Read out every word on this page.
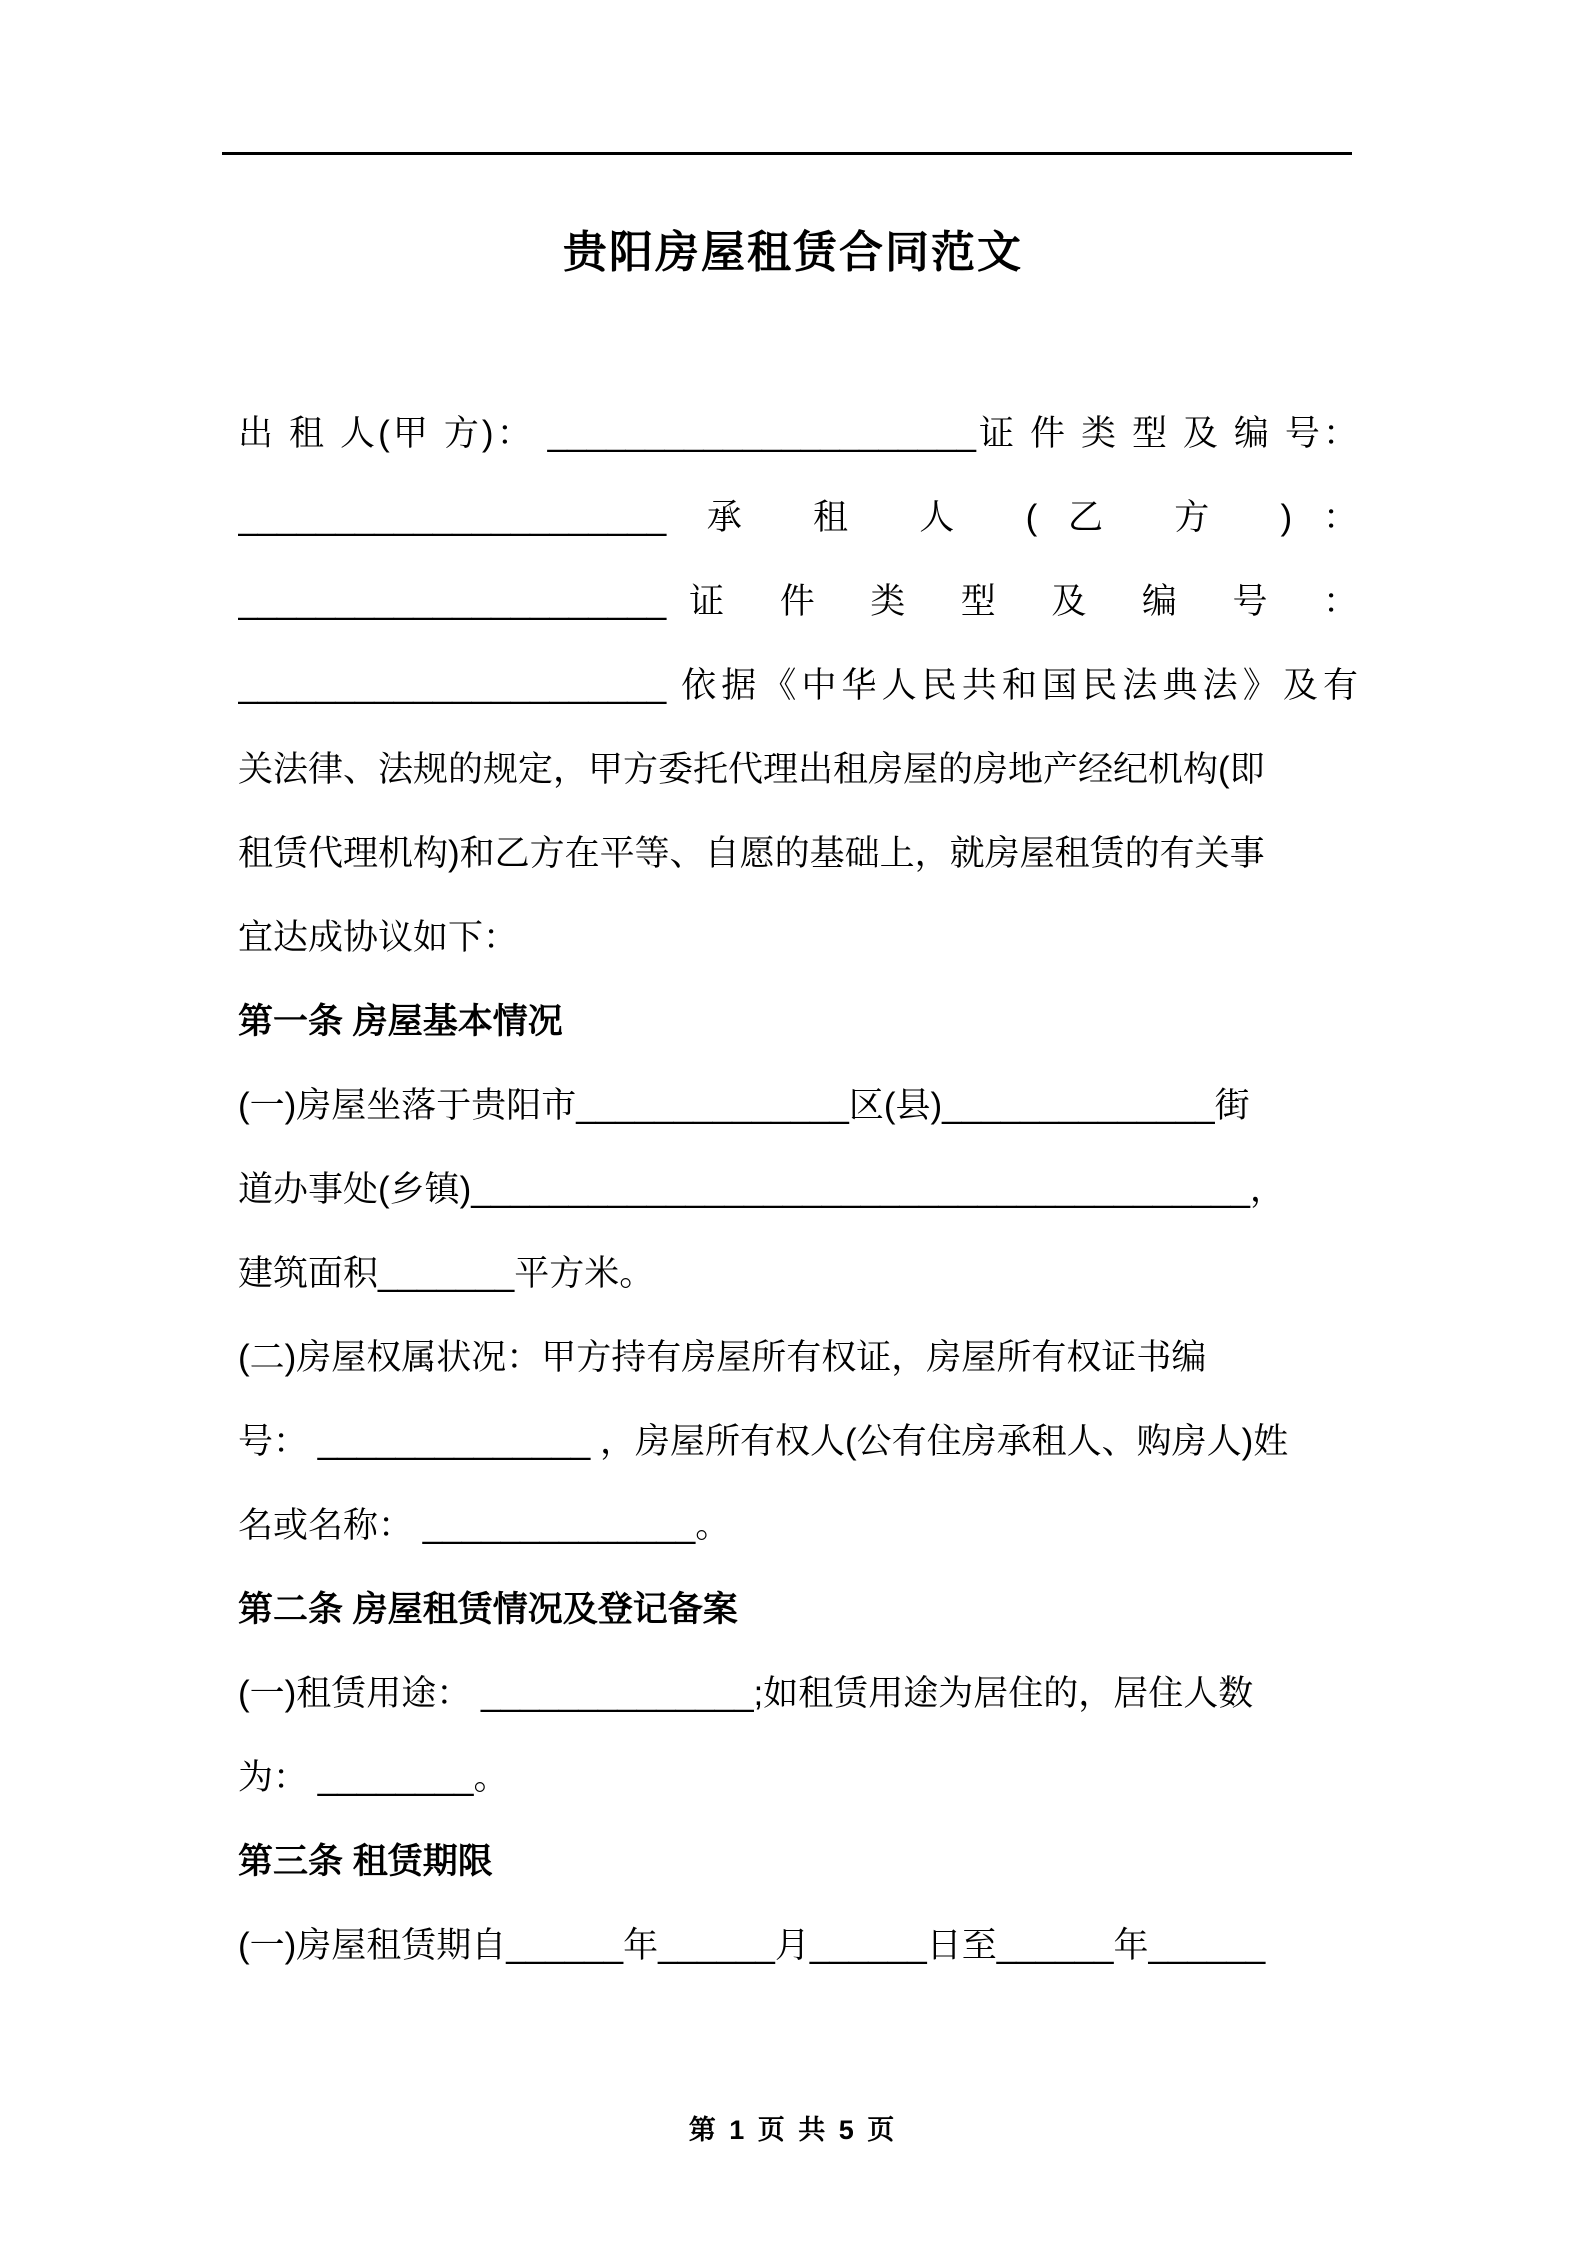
贵阳房屋租赁合同范文

出 租 人(甲 方)： ______________________证 件 类 型 及 编 号：

______________________ 承 租 人 (乙 方 )：

______________________证 件 类 型 及 编 号 ：

______________________ 依据《中华人民共和国民法典法》及有

关法律、法规的规定，甲方委托代理出租房屋的房地产经纪机构(即

租赁代理机构)和乙方在平等、自愿的基础上，就房屋租赁的有关事

宜达成协议如下：

第一条 房屋基本情况

(一)房屋坐落于贵阳市______________区(县)______________街

道办事处(乡镇)________________________________________，

建筑面积_______平方米。

(二)房屋权属状况：甲方持有房屋所有权证，房屋所有权证书编

号： ______________ ，房屋所有权人(公有住房承租人、购房人)姓

名或名称： ______________。

第二条 房屋租赁情况及登记备案

(一)租赁用途： ______________;如租赁用途为居住的，居住人数

为： ________。

第三条 租赁期限

(一)房屋租赁期自______年______月______日至______年______

第 1 页 共 5 页
